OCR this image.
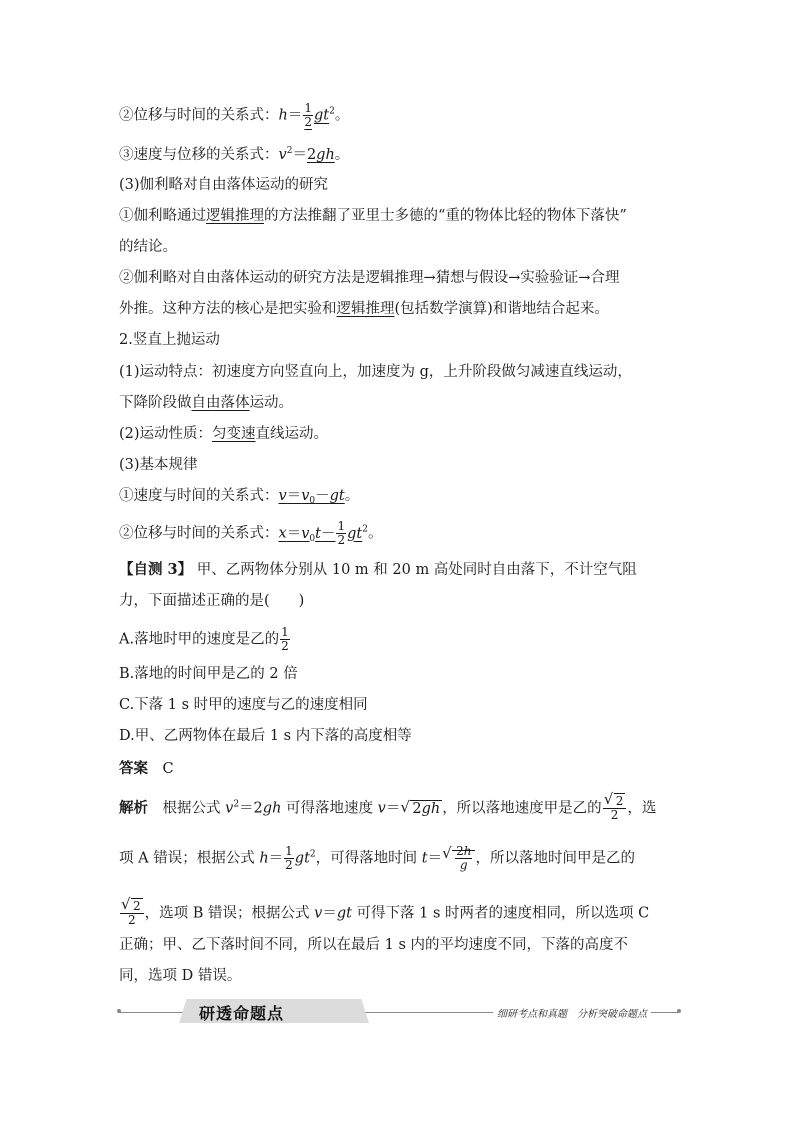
②位移与时间的关系式：$h= \frac{1}{2} gt^2$。
③速度与位移的关系式：$v^2=2gh$。
(3)伽利略对自由落体运动的研究
①伽利略通过逻辑推理的方法推翻了亚里士多德的“重的物体比轻的物体下落快”
的结论。
②伽利略对自由落体运动的研究方法是逻辑推理→猜想与假设→实验验证→合理
外推。这种方法的核心是把实验和逻辑推理(包括数学演算)和谐地结合起来。
2.竖直上抛运动
(1)运动特点：初速度方向竖直向上，加速度为 g，上升阶段做匀减速直线运动，
下降阶段做自由落体运动。
(2)运动性质：匀变速直线运动。
(3)基本规律
①速度与时间的关系式：$v=v_0-gt$。
②位移与时间的关系式：$x=v_0t- \frac{1}{2} gt^2$。
【自测 3】 甲、乙两物体分别从 10 m 和 20 m 高处同时自由落下，不计空气阻
力，下面描述正确的是(　　)
A.落地时甲的速度是乙的 $\frac{1}{2}$
B.落地的时间甲是乙的 2 倍
C.下落 1 s 时甲的速度与乙的速度相同
D.甲、乙两物体在最后 1 s 内下落的高度相等
答案　 C
解析　 根据公式 $v^2=2gh$ 可得落地速度 v＝ √ 2gh ，所以落地速度甲是乙的 √ $\frac{2}{2}$ ，选
项 A 错误；根据公式 $h= \frac{1}{2} gt^2$，可得落地时间 t＝ √ $\frac{2h}{g}$ ，所以落地时间甲是乙的
√ $\frac{2}{2}$ ，选项 B 错误；根据公式 v＝gt 可得下落 1 s 时两者的速度相同，所以选项 C
正确；甲、乙下落时间不同，所以在最后 1 s 内的平均速度不同，下落的高度不
同，选项 D 错误。
研透命题点	细研考点和真题　分析突破命题点
